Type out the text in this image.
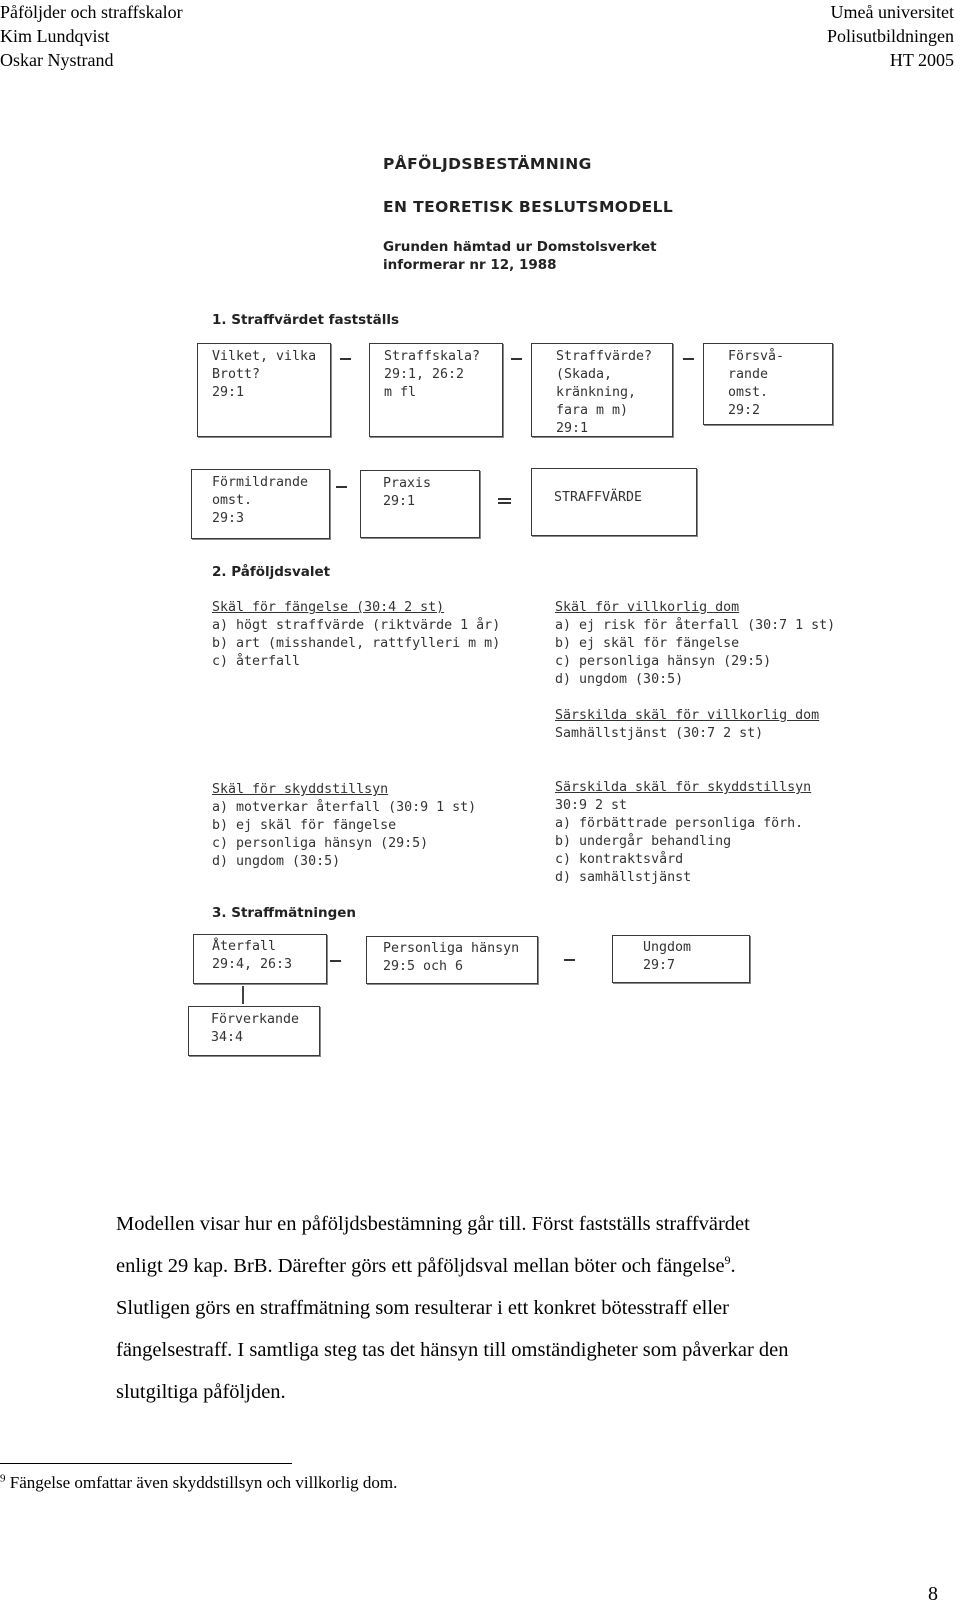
Påföljder och straffskalor
Kim Lundqvist
Oskar Nystrand
Umeå universitet
Polisutbildningen
HT 2005
PÅFÖLJDSBESTÄMNING
EN TEORETISK BESLUTSMODELL
Grunden hämtad ur Domstolsverket
informerar nr 12, 1988
1. Straffvärdet fastställs
Vilket, vilka
Brott?
29:1
Straffskala?
29:1, 26:2
m fl
Straffvärde?
(Skada,
kränkning,
fara m m)
29:1
Försvå-
rande
omst.
29:2
Förmildrande
omst.
29:3
Praxis
29:1	STRAFFVÄRDE
2. Påföljdsvalet
Skäl för fängelse (30:4 2 st)
a) högt straffvärde (riktvärde 1 år)
b) art (misshandel, rattfylleri m m)
c) återfall
Skäl för villkorlig dom
a) ej risk för återfall (30:7 1 st)
b) ej skäl för fängelse
c) personliga hänsyn (29:5)
d) ungdom (30:5)
Särskilda skäl för villkorlig dom
Samhällstjänst (30:7 2 st)
Skäl för skyddstillsyn
a) motverkar återfall (30:9 1 st)
b) ej skäl för fängelse
c) personliga hänsyn (29:5)
d) ungdom (30:5)
Särskilda skäl för skyddstillsyn
30:9 2 st
a) förbättrade personliga förh.
b) undergår behandling
c) kontraktsvård
d) samhällstjänst
3. Straffmätningen
Återfall
29:4, 26:3
Personliga hänsyn
29:5 och 6
Ungdom
29:7
Förverkande
34:4
Modellen visar hur en påföljdsbestämning går till. Först fastställs straffvärdet
enligt 29 kap. BrB. Därefter görs ett påföljdsval mellan böter och fängelse$^9$.
Slutligen görs en straffmätning som resulterar i ett konkret bötesstraff eller
fängelsestraff. I samtliga steg tas det hänsyn till omständigheter som påverkar den
slutgiltiga påföljden.
$^9$ Fängelse omfattar även skyddstillsyn och villkorlig dom.
8
